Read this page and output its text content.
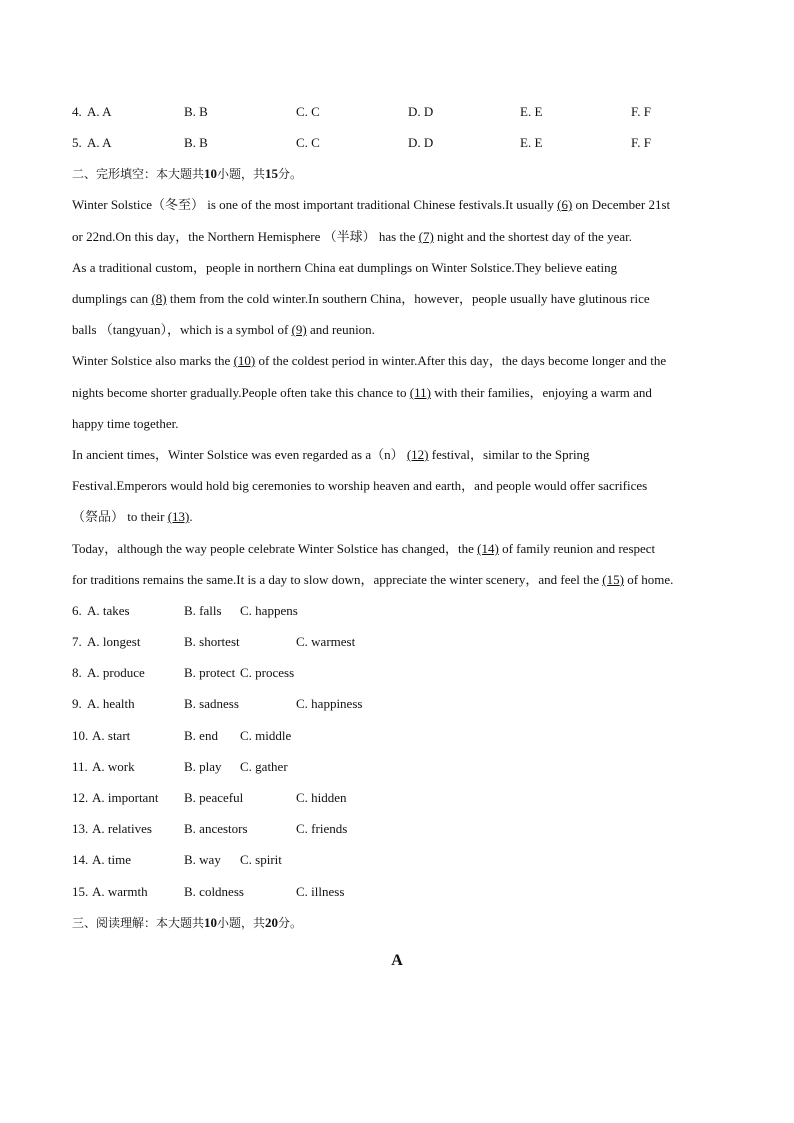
4. A. A	B. B	C. C	D. D	E. E	F. F
5. A. A	B. B	C. C	D. D	E. E	F. F
二、完形填空：本大题共10小题，共15分。
Winter Solstice（冬至） is one of the most important traditional Chinese festivals.It usually (6) on December 21st
or 22nd.On this day，the Northern Hemisphere （半球） has the (7) night and the shortest day of the year.
As a traditional custom，people in northern China eat dumplings on Winter Solstice.They believe eating
dumplings can (8) them from the cold winter.In southern China，however，people usually have glutinous rice
balls （tangyuan），which is a symbol of (9) and reunion.
Winter Solstice also marks the (10) of the coldest period in winter.After this day，the days become longer and the
nights become shorter gradually.People often take this chance to (11) with their families，enjoying a warm and
happy time together.
In ancient times，Winter Solstice was even regarded as a（n） (12) festival，similar to the Spring
Festival.Emperors would hold big ceremonies to worship heaven and earth，and people would offer sacrifices
（祭品） to their (13).
Today，although the way people celebrate Winter Solstice has changed，the (14) of family reunion and respect
for traditions remains the same.It is a day to slow down，appreciate the winter scenery，and feel the (15) of home.
6. A. takes	B. falls C. happens
7. A. longest	B. shortest	C. warmest
8. A. produce	B. protect C. process
9. A. health	B. sadness	C. happiness
10. A. start	B. end C. middle
11. A. work	B. play C. gather
12. A. important B. peaceful	C. hidden
13. A. relatives B. ancestors	C. friends
14. A. time	B. way C. spirit
15. A. warmth	B. coldness	C. illness
三、阅读理解：本大题共10小题，共20分。
A
